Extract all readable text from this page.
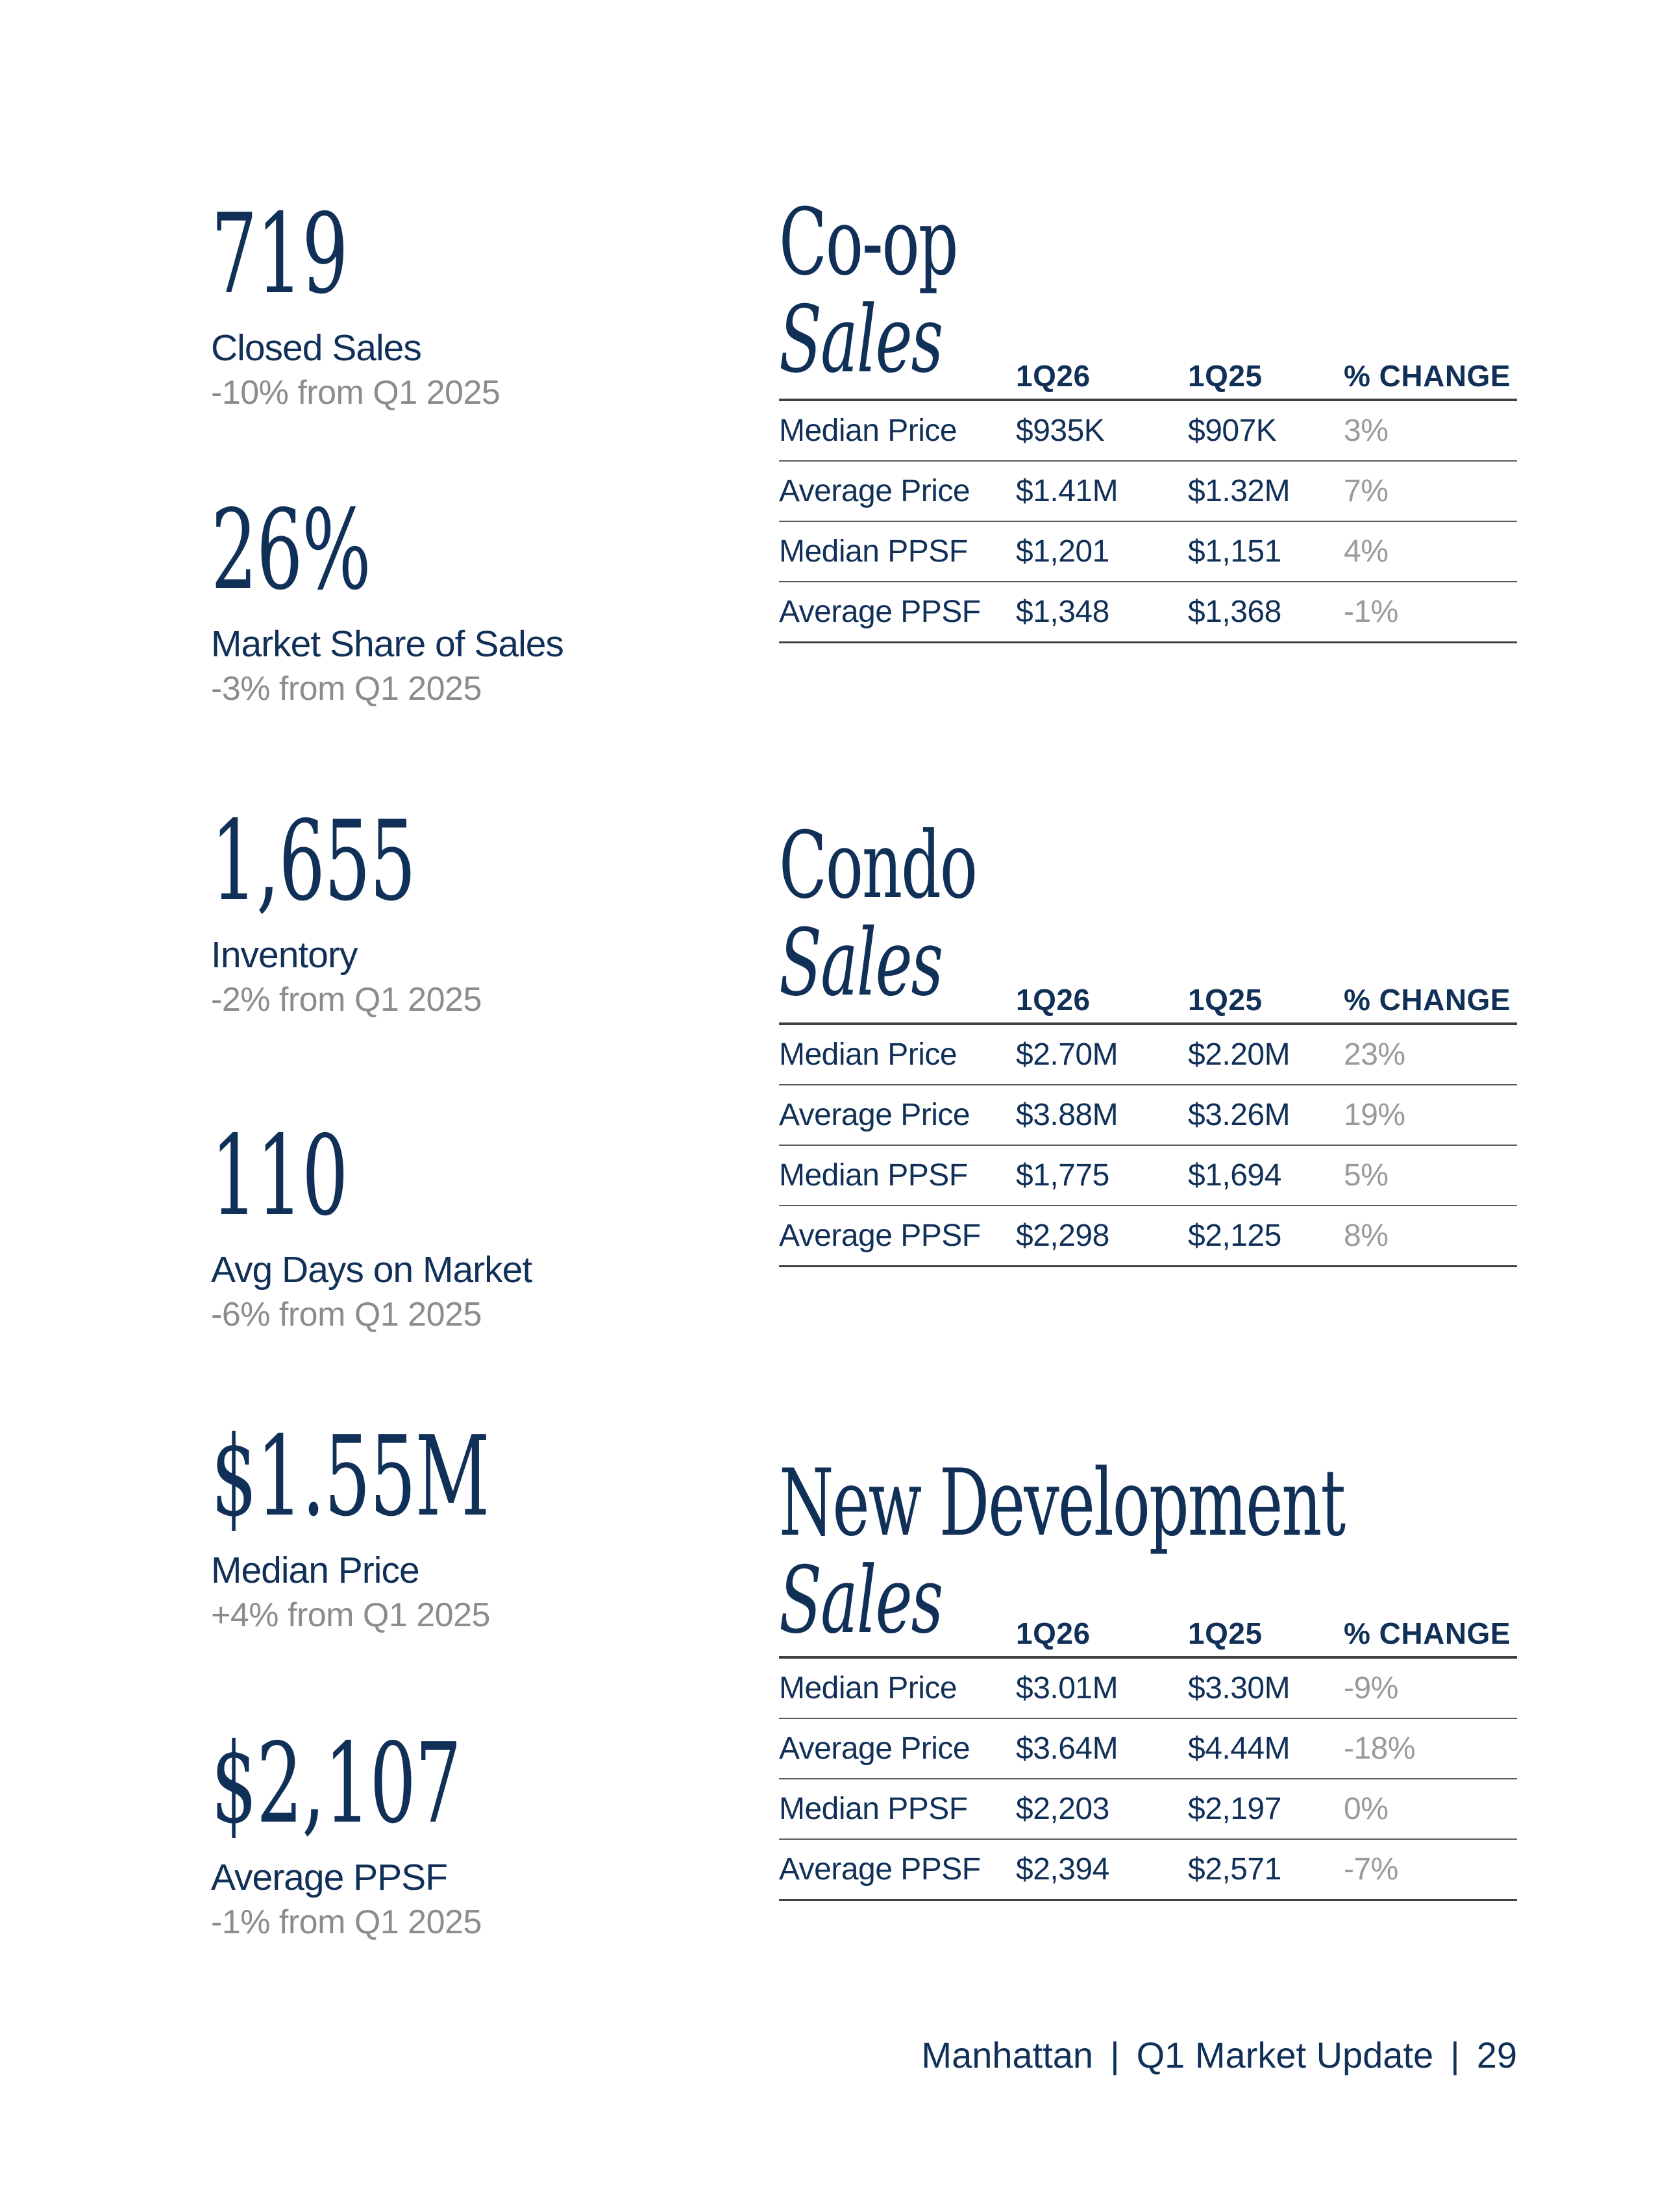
719
Closed Sales
-10% from Q1 2025
26%
Market Share of Sales
-3% from Q1 2025
1,655
Inventory
-2% from Q1 2025
110
Avg Days on Market
-6% from Q1 2025
$1.55M
Median Price
+4% from Q1 2025
$2,107
Average PPSF
-1% from Q1 2025
Co-op
Sales	1Q26	1Q25	% CHANGE
Median Price $935K	$907K 3%
Average Price $1.41M $1.32M 7%
Median PPSF $1,201	$1,151 4%
Average PPSF $1,348	$1,368 -1%
Condo
Sales	1Q26	1Q25	% CHANGE
Median Price $2.70M $2.20M 23%
Average Price $3.88M $3.26M 19%
Median PPSF $1,775	$1,694 5%
Average PPSF $2,298	$2,125 8%
New Development
Sales	1Q26	1Q25	% CHANGE
Median Price $3.01M $3.30M -9%
Average Price $3.64M $4.44M -18%
Median PPSF $2,203	$2,197 0%
Average PPSF $2,394	$2,571 -7%
Manhattan | Q1 Market Update | 29
